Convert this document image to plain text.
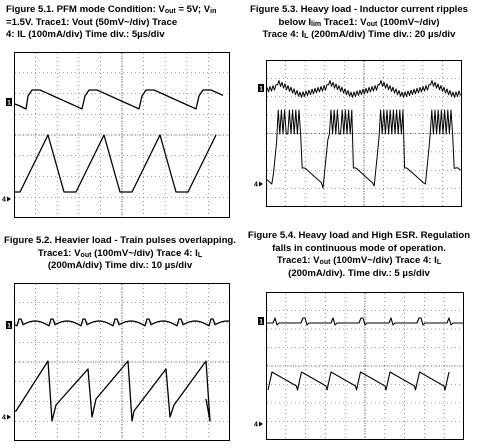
Figure 5.1. PFM mode Condition: $V_{out} = 5V$; $V_{in}$
=1.5V. Trace1: Vout (50mV~/div) Trace
4: IL (100mA/div) Time div.: 5µs/div
Figure 5.3. Heavy load - Inductor current ripples
below $I_{lim}$ Trace1: $V_{out}$ (100mV~/div)
Trace 4: $I_L$ (200mA/div) Time div.: 20 µs/div
Figure 5.2. Heavier load - Train pulses overlapping.
Trace1: $V_{out}$ (100mV~/div) Trace 4: $I_L$
(200mA/div) Time div.: 10 µs/div
Figure 5.4. Heavy load and High ESR. Regulation
falls in continuous mode of operation.
Trace1: $V_{out}$ (100mV~/div) Trace 4: $I_L$
(200mA/div). Time div.: 5 µs/div
1
4
1
4
1
4
1
4
